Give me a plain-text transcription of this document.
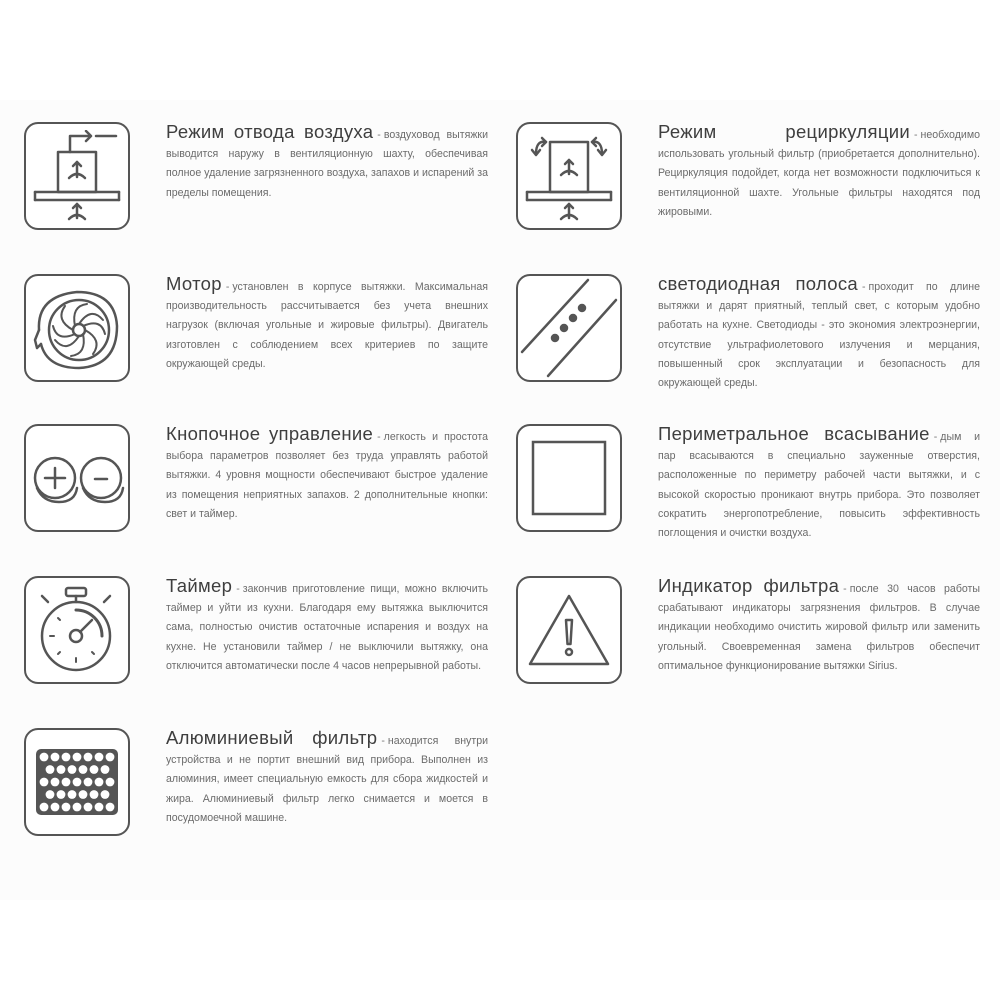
Режим отвода воздуха - воздуховод вытяжки выводится наружу в вентиляционную шахту, обеспечивая полное удаление загрязненного воздуха, запахов и испарений за пределы помещения.
Режим рециркуляции - необходимо использовать угольный фильтр (приобретается дополнительно). Рециркуляция подойдет, когда нет возможности подключиться к вентиляционной шахте. Угольные фильтры находятся под жировыми.
Мотор - установлен в корпусе вытяжки. Максимальная производительность рассчитывается без учета внешних нагрузок (включая угольные и жировые фильтры). Двигатель изготовлен с соблюдением всех критериев по защите окружающей среды.
светодиодная полоса - проходит по длине вытяжки и дарят приятный, теплый свет, с которым удобно работать на кухне. Светодиоды - это экономия электроэнергии, отсутствие ультрафиолетового излучения и мерцания, повышенный срок эксплуатации и безопасность для окружающей среды.
Кнопочное управление - легкость и простота выбора параметров позволяет без труда управлять работой вытяжки. 4 уровня мощности обеспечивают быстрое удаление из помещения неприятных запахов. 2 дополнительные кнопки: свет и таймер.
Периметральное всасывание - дым и пар всасываются в специально зауженные отверстия, расположенные по периметру рабочей части вытяжки, и с высокой скоростью проникают внутрь прибора. Это позволяет сократить энергопотребление, повысить эффективность поглощения и очистки воздуха.
Таймер - закончив приготовление пищи, можно включить таймер и уйти из кухни. Благодаря ему вытяжка выключится сама, полностью очистив остаточные испарения и воздух на кухне. Не установили таймер / не выключили вытяжку, она отключится автоматически после 4 часов непрерывной работы.
Индикатор фильтра - после 30 часов работы срабатывают индикаторы загрязнения фильтров. В случае индикации необходимо очистить жировой фильтр или заменить угольный. Своевременная замена фильтров обеспечит оптимальное функционирование вытяжки Sirius.
Алюминиевый фильтр - находится внутри устройства и не портит внешний вид прибора. Выполнен из алюминия, имеет специальную емкость для сбора жидкостей и жира. Алюминиевый фильтр легко снимается и моется в посудомоечной машине.
